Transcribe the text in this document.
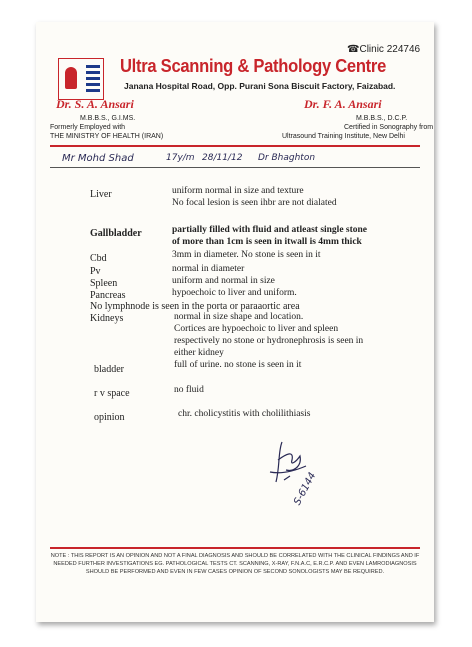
☎Clinic 224746
Ultra Scanning & Pathology Centre
Janana Hospital Road, Opp. Purani Sona Biscuit Factory, Faizabad.
Dr. S. A. Ansari
M.B.B.S., G.I.MS.
Formerly Employed with
THE MINISTRY OF HEALTH (IRAN)
Dr. F. A. Ansari
M.B.B.S., D.C.P.
Certified in Sonography from
Ultrasound Training Institute, New Delhi
Mr Mohd Shad	17y/m 28/11/12 Dr Bhaghton
Liver	uniform normal in size and texture
No focal lesion is seen ihbr are not dialated
Gallbladder	partially filled with fluid and atleast single stone
of more than 1cm is seen in itwall is 4mm thick
Cbd	3mm in diameter. No stone is seen in it
Pv	normal in diameter
Spleen	uniform and normal in size
Pancreas	hypoechoic to liver and uniform.
No lymphnode is seen in the porta or paraaortic area
Kidneys	normal in size shape and location.
Cortices are hypoechoic to liver and spleen
respectively no stone or hydronephrosis is seen in
either kidney
bladder	full of urine. no stone is seen in it
r v space	no fluid
opinion	chr. cholicystitis with cholilithiasis
S-6144
NOTE : THIS REPORT IS AN OPINION AND NOT A FINAL DIAGNOSIS AND SHOULD BE CORRELATED WITH THE CLINICAL FINDINGS AND IF NEEDED FURTHER INVESTIGATIONS EG. PATHOLOGICAL TESTS CT. SCANNING, X-RAY, F.N.A.C, E.R.C.P. AND EVEN LAMRODIAGNOSIS SHOULD BE PERFORMED AND EVEN IN FEW CASES OPINION OF SECOND SONOLOGISTS MAY BE REQUIRED.
